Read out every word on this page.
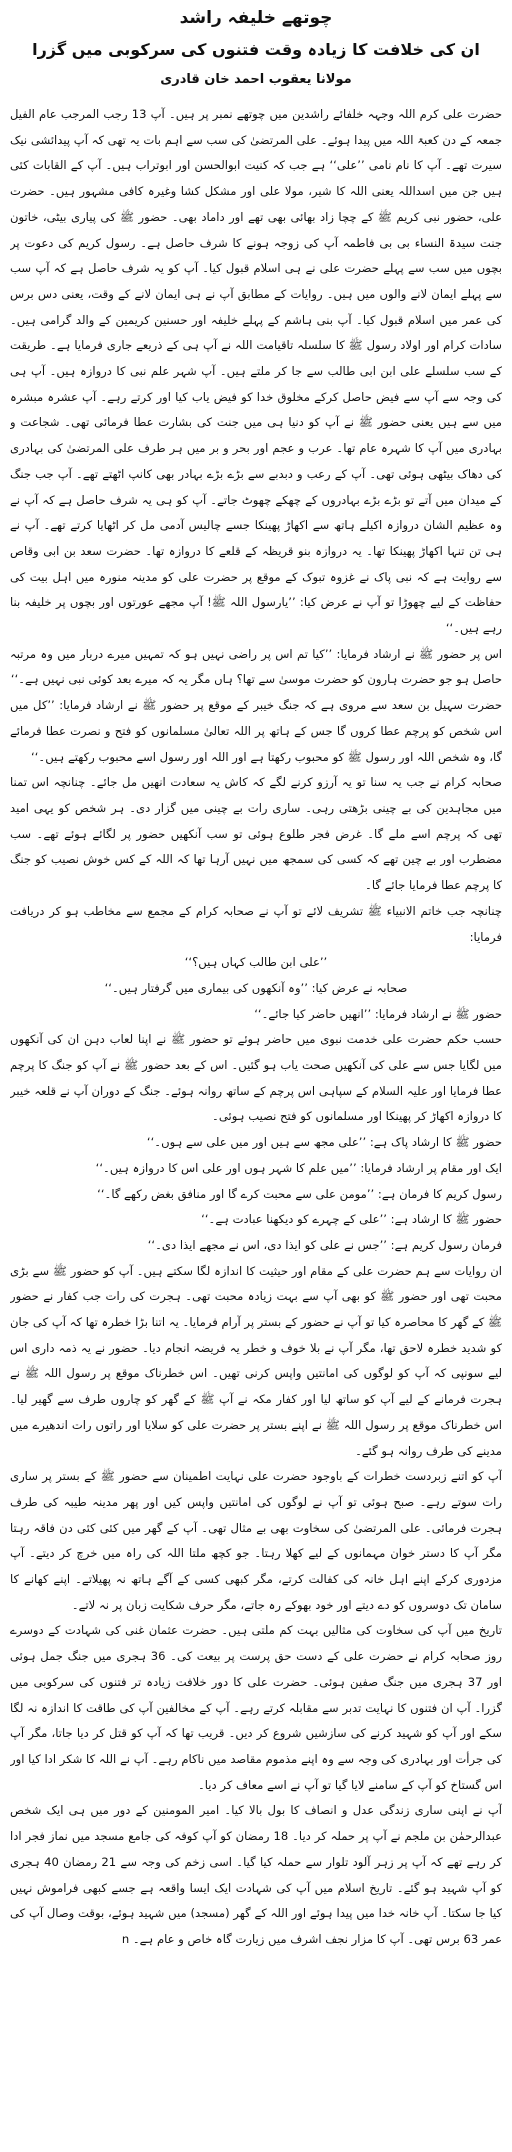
چوتھے خلیفہ راشد
ان کی خلافت کا زیادہ وقت فتنوں کی سرکوبی میں گزرا
مولانا یعقوب احمد خان قادری

حضرت علی کرم اللہ وجہہ خلفائے راشدین میں چوتھے نمبر پر ہیں۔ آپ 13 رجب المرجب عام الفیل جمعہ کے دن کعبۃ اللہ میں پیدا ہوئے۔ علی المرتضیٰ کی سب سے اہم بات یہ تھی کہ آپ پیدائشی نیک سیرت تھے۔ آپ کا نام نامی ’’علی‘‘ ہے جب کہ کنیت ابوالحسن اور ابوتراب ہیں۔ آپ کے القابات کئی ہیں جن میں اسداللہ یعنی اللہ کا شیر، مولا علی اور مشکل کشا وغیرہ کافی مشہور ہیں۔ حضرت علی، حضور نبی کریم ﷺ کے چچا زاد بھائی بھی تھے اور داماد بھی۔ حضور ﷺ کی پیاری بیٹی، خاتون جنت سیدۃ النساء بی بی فاطمہ آپ کی زوجہ ہونے کا شرف حاصل ہے۔ رسول کریم کی دعوت پر بچوں میں سب سے پہلے حضرت علی نے ہی اسلام قبول کیا۔ آپ کو یہ شرف حاصل ہے کہ آپ سب سے پہلے ایمان لانے والوں میں ہیں۔ روایات کے مطابق آپ نے ہی ایمان لانے کے وقت، یعنی دس برس کی عمر میں اسلام قبول کیا۔ آپ بنی ہاشم کے پہلے خلیفہ اور حسنین کریمین کے والد گرامی ہیں۔ سادات کرام اور اولاد رسول ﷺ کا سلسلہ تاقیامت اللہ نے آپ ہی کے ذریعے جاری فرمایا ہے۔ طریقت کے سب سلسلے علی ابن ابی طالب سے جا کر ملتے ہیں۔ آپ شہر علم نبی کا دروازہ ہیں۔ آپ ہی کی وجہ سے آپ سے فیض حاصل کرکے مخلوق خدا کو فیض یاب کیا اور کرتے رہے۔ آپ عشرہ مبشرہ میں سے ہیں یعنی حضور ﷺ نے آپ کو دنیا ہی میں جنت کی بشارت عطا فرمائی تھی۔ شجاعت و بہادری میں آپ کا شہرہ عام تھا۔ عرب و عجم اور بحر و بر میں ہر طرف علی المرتضیٰ کی بہادری کی دھاک بیٹھی ہوئی تھی۔ آپ کے رعب و دبدبے سے بڑے بڑے بہادر بھی کانپ اٹھتے تھے۔ آپ جب جنگ کے میدان میں آتے تو بڑے بڑے بہادروں کے چھکے چھوٹ جاتے۔ آپ کو ہی یہ شرف حاصل ہے کہ آپ نے وہ عظیم الشان دروازہ اکیلے ہاتھ سے اکھاڑ پھینکا جسے چالیس آدمی مل کر اٹھایا کرتے تھے۔ آپ نے ہی تن تنہا اکھاڑ پھینکا تھا۔ یہ دروازہ بنو قریظہ کے قلعے کا دروازہ تھا۔ حضرت سعد بن ابی وقاص سے روایت ہے کہ نبی پاک نے غزوہ تبوک کے موقع پر حضرت علی کو مدینہ منورہ میں اہل بیت کی حفاظت کے لیے چھوڑا تو آپ نے عرض کیا: ’’یارسول اللہ ﷺ! آپ مجھے عورتوں اور بچوں پر خلیفہ بنا رہے ہیں۔‘‘

اس پر حضور ﷺ نے ارشاد فرمایا: ’’کیا تم اس پر راضی نہیں ہو کہ تمہیں میرے دربار میں وہ مرتبہ حاصل ہو جو حضرت ہارون کو حضرت موسیٰ سے تھا؟ ہاں مگر یہ کہ میرے بعد کوئی نبی نہیں ہے۔‘‘

حضرت سہیل بن سعد سے مروی ہے کہ جنگ خیبر کے موقع پر حضور ﷺ نے ارشاد فرمایا: ’’کل میں اس شخص کو پرچم عطا کروں گا جس کے ہاتھ پر اللہ تعالیٰ مسلمانوں کو فتح و نصرت عطا فرمائے گا، وہ شخص اللہ اور رسول ﷺ کو محبوب رکھتا ہے اور اللہ اور رسول اسے محبوب رکھتے ہیں۔‘‘

صحابہ کرام نے جب یہ سنا تو یہ آرزو کرنے لگے کہ کاش یہ سعادت انھیں مل جائے۔ چنانچہ اس تمنا میں مجاہدین کی بے چینی بڑھتی رہی۔ ساری رات بے چینی میں گزار دی۔ ہر شخص کو یہی امید تھی کہ پرچم اسے ملے گا۔ غرض فجر طلوع ہوئی تو سب آنکھیں حضور پر لگائے ہوئے تھے۔ سب مضطرب اور بے چین تھے کہ کسی کی سمجھ میں نہیں آرہا تھا کہ اللہ کے کس خوش نصیب کو جنگ کا پرچم عطا فرمایا جائے گا۔

چنانچہ جب خاتم الانبیاء ﷺ تشریف لائے تو آپ نے صحابہ کرام کے مجمع سے مخاطب ہو کر دریافت فرمایا:

’’علی ابن طالب کہاں ہیں؟‘‘

صحابہ نے عرض کیا: ’’وہ آنکھوں کی بیماری میں گرفتار ہیں۔‘‘

حضور ﷺ نے ارشاد فرمایا: ’’انھیں حاضر کیا جائے۔‘‘

حسب حکم حضرت علی خدمت نبوی میں حاضر ہوئے تو حضور ﷺ نے اپنا لعاب دہن ان کی آنکھوں میں لگایا جس سے علی کی آنکھیں صحت یاب ہو گئیں۔ اس کے بعد حضور ﷺ نے آپ کو جنگ کا پرچم عطا فرمایا اور علیہ السلام کے سپاہی اس پرچم کے ساتھ روانہ ہوئے۔ جنگ کے دوران آپ نے قلعہ خیبر کا دروازہ اکھاڑ کر پھینکا اور مسلمانوں کو فتح نصیب ہوئی۔

حضور ﷺ کا ارشاد پاک ہے: ’’علی مجھ سے ہیں اور میں علی سے ہوں۔‘‘

ایک اور مقام پر ارشاد فرمایا: ’’میں علم کا شہر ہوں اور علی اس کا دروازہ ہیں۔‘‘

رسول کریم کا فرمان ہے: ’’مومن علی سے محبت کرے گا اور منافق بغض رکھے گا۔‘‘

حضور ﷺ کا ارشاد ہے: ’’علی کے چہرے کو دیکھنا عبادت ہے۔‘‘

فرمان رسول کریم ہے: ’’جس نے علی کو ایذا دی، اس نے مجھے ایذا دی۔‘‘

ان روایات سے ہم حضرت علی کے مقام اور حیثیت کا اندازہ لگا سکتے ہیں۔ آپ کو حضور ﷺ سے بڑی محبت تھی اور حضور ﷺ کو بھی آپ سے بہت زیادہ محبت تھی۔ ہجرت کی رات جب کفار نے حضور ﷺ کے گھر کا محاصرہ کیا تو آپ نے حضور کے بستر پر آرام فرمایا۔ یہ اتنا بڑا خطرہ تھا کہ آپ کی جان کو شدید خطرہ لاحق تھا، مگر آپ نے بلا خوف و خطر یہ فریضہ انجام دیا۔ حضور نے یہ ذمہ داری اس لیے سونپی کہ آپ کو لوگوں کی امانتیں واپس کرنی تھیں۔ اس خطرناک موقع پر رسول اللہ ﷺ نے ہجرت فرمانے کے لیے آپ کو ساتھ لیا اور کفار مکہ نے آپ ﷺ کے گھر کو چاروں طرف سے گھیر لیا۔ اس خطرناک موقع پر رسول اللہ ﷺ نے اپنے بستر پر حضرت علی کو سلایا اور راتوں رات اندھیرے میں مدینے کی طرف روانہ ہو گئے۔

آپ کو اتنے زبردست خطرات کے باوجود حضرت علی نہایت اطمینان سے حضور ﷺ کے بستر پر ساری رات سوتے رہے۔ صبح ہوئی تو آپ نے لوگوں کی امانتیں واپس کیں اور پھر مدینہ طیبہ کی طرف ہجرت فرمائی۔ علی المرتضیٰ کی سخاوت بھی بے مثال تھی۔ آپ کے گھر میں کئی کئی دن فاقہ رہتا مگر آپ کا دستر خوان مہمانوں کے لیے کھلا رہتا۔ جو کچھ ملتا اللہ کی راہ میں خرچ کر دیتے۔ آپ مزدوری کرکے اپنے اہل خانہ کی کفالت کرتے، مگر کبھی کسی کے آگے ہاتھ نہ پھیلاتے۔ اپنے کھانے کا سامان تک دوسروں کو دے دیتے اور خود بھوکے رہ جاتے، مگر حرف شکایت زبان پر نہ لاتے۔

تاریخ میں آپ کی سخاوت کی مثالیں بہت کم ملتی ہیں۔ حضرت عثمان غنی کی شہادت کے دوسرے روز صحابہ کرام نے حضرت علی کے دست حق پرست پر بیعت کی۔ 36 ہجری میں جنگ جمل ہوئی اور 37 ہجری میں جنگ صفین ہوئی۔ حضرت علی کا دور خلافت زیادہ تر فتنوں کی سرکوبی میں گزرا۔ آپ ان فتنوں کا نہایت تدبر سے مقابلہ کرتے رہے۔ آپ کے مخالفین آپ کی طاقت کا اندازہ نہ لگا سکے اور آپ کو شہید کرنے کی سازشیں شروع کر دیں۔ قریب تھا کہ آپ کو قتل کر دیا جاتا، مگر آپ کی جرأت اور بہادری کی وجہ سے وہ اپنے مذموم مقاصد میں ناکام رہے۔ آپ نے اللہ کا شکر ادا کیا اور اس گستاخ کو آپ کے سامنے لایا گیا تو آپ نے اسے معاف کر دیا۔

آپ نے اپنی ساری زندگی عدل و انصاف کا بول بالا کیا۔ امیر المومنین کے دور میں ہی ایک شخص عبدالرحمٰن بن ملجم نے آپ پر حملہ کر دیا۔ 18 رمضان کو آپ کوفہ کی جامع مسجد میں نماز فجر ادا کر رہے تھے کہ آپ پر زہر آلود تلوار سے حملہ کیا گیا۔ اسی زخم کی وجہ سے 21 رمضان 40 ہجری کو آپ شہید ہو گئے۔ تاریخ اسلام میں آپ کی شہادت ایک ایسا واقعہ ہے جسے کبھی فراموش نہیں کیا جا سکتا۔ آپ خانہ خدا میں پیدا ہوئے اور اللہ کے گھر (مسجد) میں شہید ہوئے، بوقت وصال آپ کی عمر 63 برس تھی۔ آپ کا مزار نجف اشرف میں زیارت گاہ خاص و عام ہے۔ n
